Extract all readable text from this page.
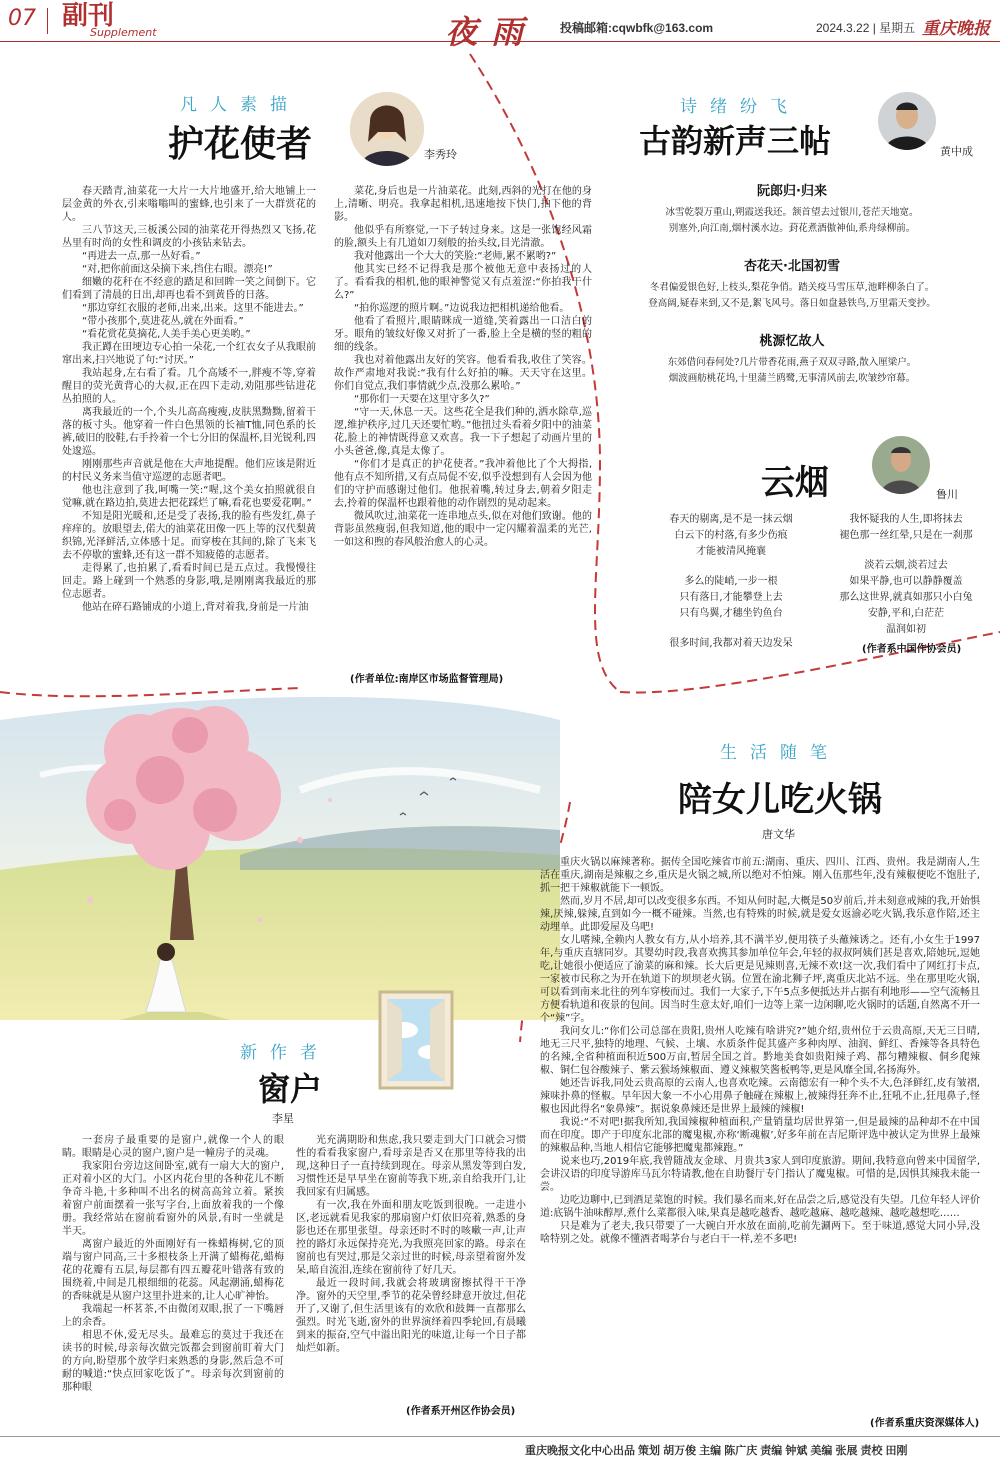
07 副刊
Supplement	夜雨 投稿邮箱:cqwbfk@163.com	2024.3.22 | 星期五 重庆晚报
凡人素描
护花使者	李秀玲

春天踏青,油菜花一大片一大片地盛开,给大地铺上一层金黄的外衣,引来嗡嗡叫的蜜蜂,也引来了一大群赏花的人。

三八节这天,三板溪公园的油菜花开得热烈又飞扬,花丛里有时尚的女性和调皮的小孩钻来钻去。

“再进去一点,那一丛好看。”

“对,把你前面这朵摘下来,挡住右眼。漂亮!”

细嫩的花秆在不经意的踏足和回眸一笑之间倒下。它们看到了清晨的日出,却再也看不到黄昏的日落。

“那边穿红衣服的老师,出来,出来。这里不能进去。”

“带小孩那个,莫进花丛,就在外面看。”

“看花赏花莫摘花,人美手美心更美哟。”

我正蹲在田埂边专心拍一朵花,一个红衣女子从我眼前窜出来,扫兴地说了句:“讨厌。”

我站起身,左右看了看。几个高矮不一,胖瘦不等,穿着醒目的荧光黄背心的大叔,正在四下走动,劝阻那些钻进花丛拍照的人。

离我最近的一个,个头儿高高瘦瘦,皮肤黑黝黝,留着干落的板寸头。他穿着一件白色黑领的长袖T恤,同色系的长裤,破旧的胶鞋,右手拎着一个七分旧的保温杯,目光锐利,四处逡巡。

刚刚那些声音就是他在大声地提醒。他们应该是附近的村民义务来当值守巡逻的志愿者吧。

他也注意到了我,呵嘴一笑:“喔,这个美女拍照就很自觉嘛,就在路边拍,莫进去把花踩烂了嘛,看花也要爱花啊。”

不知是阳光暖和,还是受了表扬,我的脸有些发红,鼻子痒痒的。放眼望去,偌大的油菜花田像一匹上等的汉代梨黄织锦,光泽鲜活,立体感十足。而穿梭在其间的,除了飞来飞去不停歇的蜜蜂,还有这一群不知疲倦的志愿者。

走得累了,也拍累了,看看时间已是五点过。我慢慢往回走。路上碰到一个熟悉的身影,哦,是刚刚离我最近的那位志愿者。

他站在碎石路铺成的小道上,背对着我,身前是一片油

菜花,身后也是一片油菜花。此刻,西斜的光打在他的身上,清晰、明亮。我拿起相机,迅速地按下快门,拍下他的背影。

他似乎有所察觉,一下子转过身来。这是一张饱经风霜的脸,额头上有几道如刀刻般的抬头纹,目光清澈。

我对他露出一个大大的笑脸:“老师,累不累哟?”

他其实已经不记得我是那个被他无意中表扬过的人了。看看我的相机,他的眼神警觉又有点羞涩:“你拍我干什么?”

“拍你巡逻的照片啊。”边说我边把相机递给他看。

他看了看照片,眼睛眯成一道缝,笑着露出一口洁白的牙。眼角的皱纹好像又对折了一番,脸上全是横的竖的粗的细的线条。

我也对着他露出友好的笑容。他看看我,收住了笑容。故作严肃地对我说:“我有什么好拍的嘛。天天守在这里。你们自觉点,我们事情就少点,没那么累哈。”

“那你们一天要在这里守多久?”

“守一天,休息一天。这些花全是我们种的,洒水除草,巡逻,维护秩序,过几天还要忙哟。”他扭过头看着夕阳中的油菜花,脸上的神情既得意又欢喜。我一下子想起了动画片里的小头爸爸,像,真是太像了。

“你们才是真正的护花使者。”我冲着他比了个大拇指,他有点不知所措,又有点局促不安,似乎没想到有人会因为他们的守护而感谢过他们。他抿着嘴,转过身去,朝着夕阳走去,拎着的保温杯也跟着他的动作剧烈的晃动起来。

微风吹过,油菜花一连串地点头,似在对他们致谢。他的背影虽然瘦弱,但我知道,他的眼中一定闪耀着温柔的光芒,一如这和煦的春风般治愈人的心灵。

(作者单位:南岸区市场监督管理局)
诗绪纷飞
古韵新声三帖	黄中成
阮郎归·归来
冰雪乾裂万重山,朔霞送我还。颔首望去过银川,苍茫天地宽。
别塞外,向江南,烟村溪水边。葑花煮酒傲神仙,系舟绿柳前。
杏花天·北国初雪
冬君偏爱银色好,上枝头,梨花争俏。踏关疫马雪压草,池畔柳条白了。
登高阔,疑春来到,又不是,絮飞风号。落日如盘悬铁鸟,万里霜天变抄。
桃源忆故人
东郊借问春何处?几片带香花雨,燕子双双寻路,散入厘梁户。
烟波画舫桃花坞,十里蒲兰鸥鹭,无事清风前去,吹皱纱帘幕。
云烟	鲁川
春天的剔离,是不是一抹云烟
白云下的村落,有多少伤痕
才能被清风掩襄
多么的陡峭,一步一根
只有落日,才能攀登上去
只有鸟翼,才穗坐钓鱼台
很多时间,我都对着天边发呆
我怀疑我的人生,即将抹去
褪色那一丝红晕,只是在一刹那
淡若云烟,淡若过去
如果平静,也可以静静覆盖
那么这世界,就真如那只小白兔
安静,平和,白茫茫
温润如初
(作者系中国作协会员)
新作者
窗户
李星

一套房子最重要的是窗户,就像一个人的眼睛。眼睛是心灵的窗户,窗户是一幢房子的灵魂。

我家阳台旁边这间卧室,就有一扇大大的窗户,正对着小区的大门。小区内花台里的各种花儿不断争奇斗艳,十多种叫不出名的树高高耸立着。紧挨着窗户前面摆着一张写字台,上面放着我的一个像册。我经常站在窗前看窗外的风景,有时一坐就是半天。

离窗户最近的外面刚好有一株蜡梅树,它的顶端与窗户同高,三十多根枝条上开满了蜡梅花,蜡梅花的花瓣有五层,每层都有四五瓣花叶错落有致的围绕着,中间是几根细细的花蕊。风起潮涌,蜡梅花的香味就是从窗户这里扑进来的,让人心旷神怡。

我端起一杯茗茶,不由微闭双眼,抿了一下嘴唇上的余香。

相思不休,爱无尽头。最难忘的莫过于我还在读书的时候,母亲每次做完饭都会到窗前盯着大门的方向,盼望那个放学归来熟悉的身影,然后急不可耐的喊道:“快点回家吃饭了”。母亲每次到窗前的那种眼

光充满期盼和焦虑,我只要走到大门口就会习惯性的看看我家窗户,看母亲是否又在那里等待我的出现,这种日子一直持续到现在。母亲从黑发等到白发,习惯性还是早早坐在窗前等我下班,亲自给我开门,让我回家有归属感。

有一次,我在外面和朋友吃饭到很晚。一走进小区,老远就看见我家的那扇窗户灯依旧亮着,熟悉的身影也还在那里张望。母亲还时不时的咳嗽一声,让声控的路灯永远保持亮光,为我照亮回家的路。母亲在窗前也有哭过,那是父亲过世的时候,母亲望着窗外发呆,暗自流泪,连续在窗前待了好几天。

最近一段时间,我就会将玻璃窗擦拭得干干净净。窗外的天空里,季节的花朵曾经肆意开放过,但花开了,又谢了,但生活里该有的欢欣和鼓舞一直都那么强烈。时光飞逝,窗外的世界演绎着四季轮回,有晨曦到来的振奋,空气中溢出阳光的味道,让每一个日子都灿烂如新。

(作者系开州区作协会员)
生活随笔
陪女儿吃火锅
唐文华

重庆火锅以麻辣著称。据传全国吃辣省市前五:湖南、重庆、四川、江西、贵州。我是湖南人,生活在重庆,湖南是辣椒之乡,重庆是火锅之城,所以绝对不怕辣。刚入伍那些年,没有辣椒便吃不饱肚子,抓一把干辣椒就能下一顿饭。

然而,岁月不居,却可以改变很多东西。不知从何时起,大概是50岁前后,并未刻意戒辣的我,开始惧辣,厌辣,躲辣,直到如今一概不碰辣。当然,也有特殊的时候,就是爱女返渝必吃火锅,我乐意作陪,还主动埋单。此即爱屋及乌吧!

女儿嗜辣,全赖内人教女有方,从小培养,其不满半岁,便用筷子头蘸辣诱之。还有,小女生于1997年,与重庆直辖同岁。其婴幼时段,我喜欢携其参加单位年会,年轻的叔叔阿姨们甚是喜欢,陪她玩,逗她吃,让她很小便适应了渝菜的麻和辣。长大后更是见辣则喜,无辣不欢!这一次,我们看中了网红打卡点,一家被市民称之为开在轨道下的坝坝老火锅。位置在渝北狮子坪,离重庆北站不远。坐在那里吃火锅,可以看到南来北往的列车穿梭而过。我们一大家子,下午5点多便抵达并占据有利地形——空气流畅且方便看轨道和夜景的包间。因当时生意太好,咱们一边等上菜一边闲聊,吃火锅时的话题,自然离不开一个“辣”字。

我问女儿:“你们公司总部在贵阳,贵州人吃辣有啥讲究?”她介绍,贵州位于云贵高原,天无三日晴,地无三尺平,独特的地理、气候、土壤、水质条件促其盛产多种肉厚、油润、鲜红、香辣等各具特色的名辣,全省种植面积近500万亩,暂居全国之首。黔地美食如贵阳辣子鸡、都匀糟辣椒、侗乡爬辣椒、铜仁包谷酸辣子、紫云猴场辣椒面、遵义辣椒笑酱板鸭等,更是风靡全国,名扬海外。

她还告诉我,同处云贵高原的云南人,也喜欢吃辣。云南德宏有一种个头不大,色泽鲜红,皮有皱褶,辣味扑鼻的怪椒。早年因大象一不小心用鼻子触碰在辣椒上,被辣得狂奔不止,狂吼不止,狂甩鼻子,怪椒也因此得名“象鼻辣”。据说象鼻辣还是世界上最辣的辣椒!

我说:“不对吧!据我所知,我国辣椒种植面积,产量销量均居世界第一,但是最辣的品种却不在中国而在印度。即产于印度东北部的魔鬼椒,亦称‘断魂椒’,好多年前在吉尼斯评选中被认定为世界上最辣的辣椒品种,当地人相信它能够把魔鬼都辣跑。”

说来也巧,2019年底,我曾随战友金球、月贵共3家人到印度旅游。期间,我特意向曾来中国留学,会讲汉语的印度导游库马瓦尔特请教,他在自助餐厅专门指认了魔鬼椒。可惜的是,因惧其辣我未能一尝。

边吃边聊中,已到酒足菜饱的时候。我们暴名而来,好在品尝之后,感觉没有失望。几位年轻人评价道:底锅牛油味醇厚,煮什么菜都很入味,果真是越吃越香、越吃越麻、越吃越辣、越吃越想吃……

只是难为了老夫,我只带要了一大碗白开水放在面前,吃前先涮两下。至于味道,感觉大同小异,没啥特别之处。就像不懂酒者喝茅台与老白干一样,差不多吧!

(作者系重庆资深媒体人)
重庆晚报文化中心出品 策划 胡万俊 主编 陈广庆 责编 钟斌 美编 张展 责校 田刚
